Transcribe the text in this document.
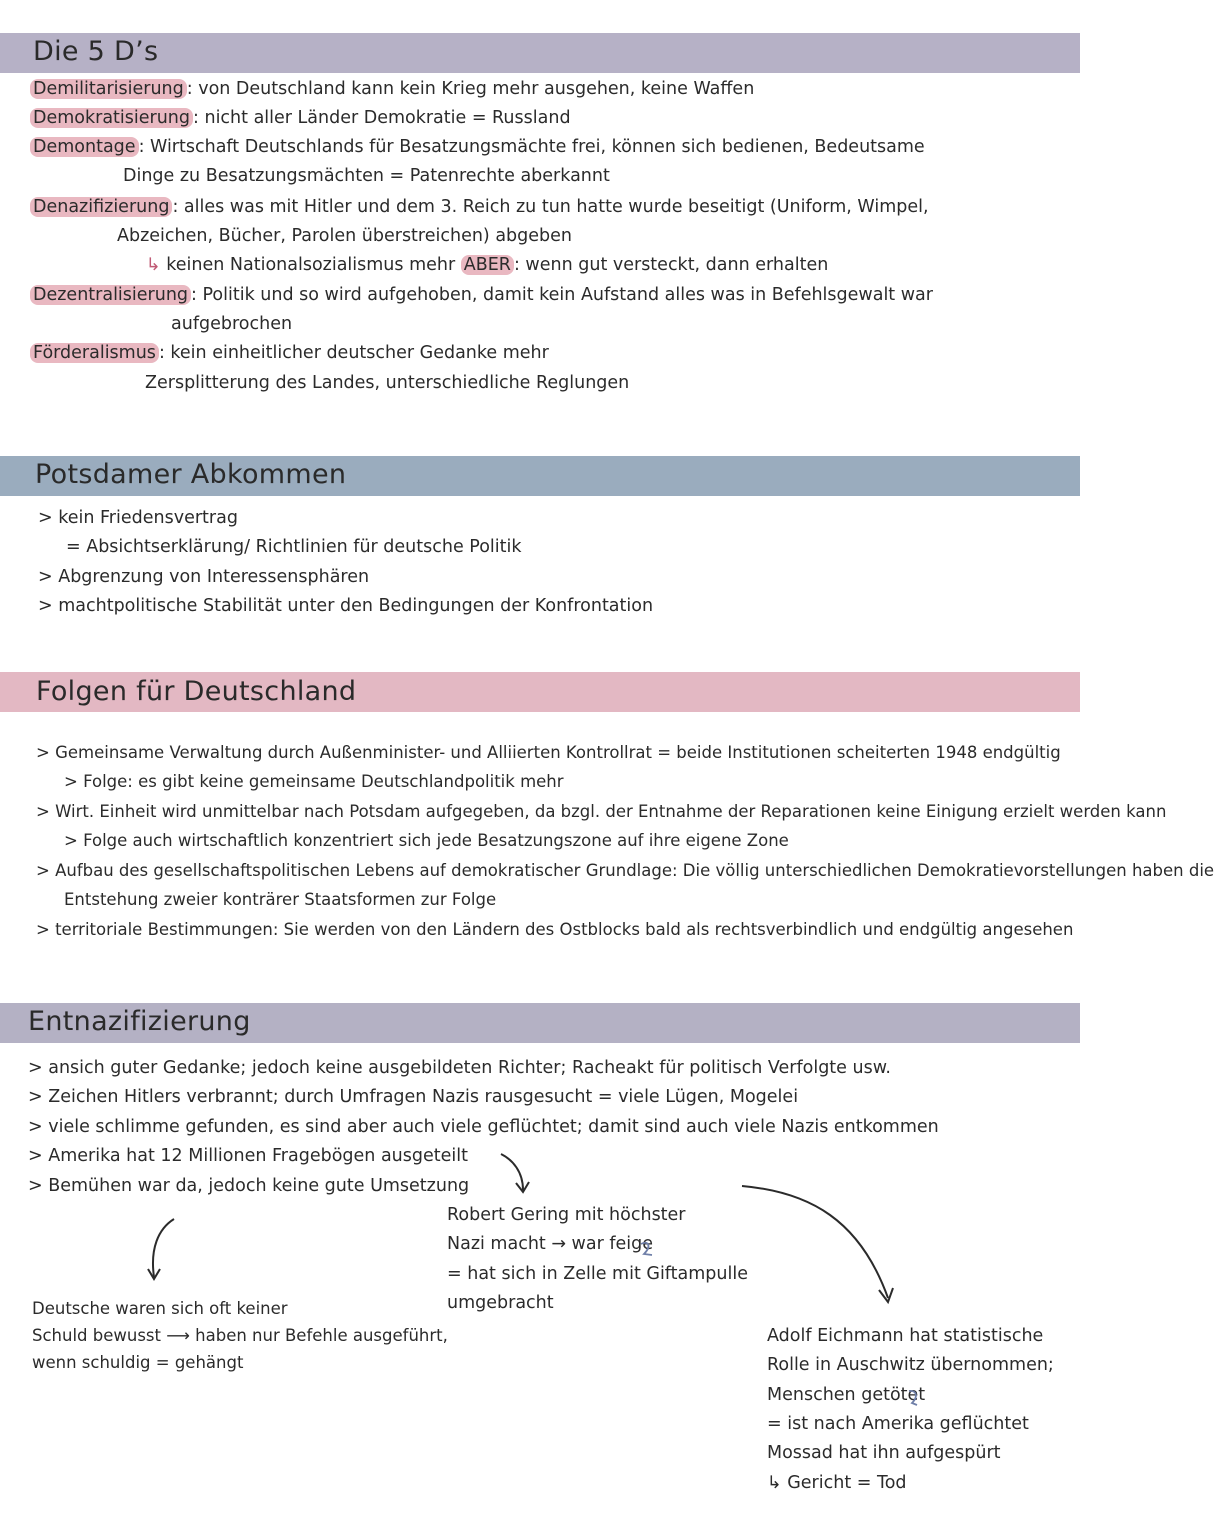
Die 5 D’s
Demilitarisierung : von Deutschland kann kein Krieg mehr ausgehen, keine Waffen
Demokratisierung : nicht aller Länder Demokratie = Russland
Demontage : Wirtschaft Deutschlands für Besatzungsmächte frei, können sich bedienen, Bedeutsame
Dinge zu Besatzungsmächten = Patenrechte aberkannt
Denazifizierung : alles was mit Hitler und dem 3. Reich zu tun hatte wurde beseitigt (Uniform, Wimpel,
Abzeichen, Bücher, Parolen überstreichen) abgeben
↳ keinen Nationalsozialismus mehr ABER : wenn gut versteckt, dann erhalten
Dezentralisierung : Politik und so wird aufgehoben, damit kein Aufstand alles was in Befehlsgewalt war
aufgebrochen
Förderalismus : kein einheitlicher deutscher Gedanke mehr
Zersplitterung des Landes, unterschiedliche Reglungen
Potsdamer Abkommen
> kein Friedensvertrag
= Absichtserklärung/ Richtlinien für deutsche Politik
> Abgrenzung von Interessensphären
> machtpolitische Stabilität unter den Bedingungen der Konfrontation
Folgen für Deutschland
> Gemeinsame Verwaltung durch Außenminister- und Alliierten Kontrollrat = beide Institutionen scheiterten 1948 endgültig
> Folge: es gibt keine gemeinsame Deutschlandpolitik mehr
> Wirt. Einheit wird unmittelbar nach Potsdam aufgegeben, da bzgl. der Entnahme der Reparationen keine Einigung erzielt werden kann
> Folge auch wirtschaftlich konzentriert sich jede Besatzungszone auf ihre eigene Zone
> Aufbau des gesellschaftspolitischen Lebens auf demokratischer Grundlage: Die völlig unterschiedlichen Demokratievorstellungen haben die
Entstehung zweier konträrer Staatsformen zur Folge
> territoriale Bestimmungen: Sie werden von den Ländern des Ostblocks bald als rechtsverbindlich und endgültig angesehen
Entnazifizierung
> ansich guter Gedanke; jedoch keine ausgebildeten Richter; Racheakt für politisch Verfolgte usw.
> Zeichen Hitlers verbrannt; durch Umfragen Nazis rausgesucht = viele Lügen, Mogelei
> viele schlimme gefunden, es sind aber auch viele geflüchtet; damit sind auch viele Nazis entkommen
> Amerika hat 12 Millionen Fragebögen ausgeteilt
> Bemühen war da, jedoch keine gute Umsetzung
Deutsche waren sich oft keiner
Schuld bewusst ⟶ haben nur Befehle ausgeführt,
wenn schuldig = gehängt
Robert Gering mit höchster
Nazi macht → war feige
= hat sich in Zelle mit Giftampulle
umgebracht
Adolf Eichmann hat statistische
Rolle in Auschwitz übernommen;
Menschen getötet
= ist nach Amerika geflüchtet
Mossad hat ihn aufgespürt
↳ Gericht = Tod
